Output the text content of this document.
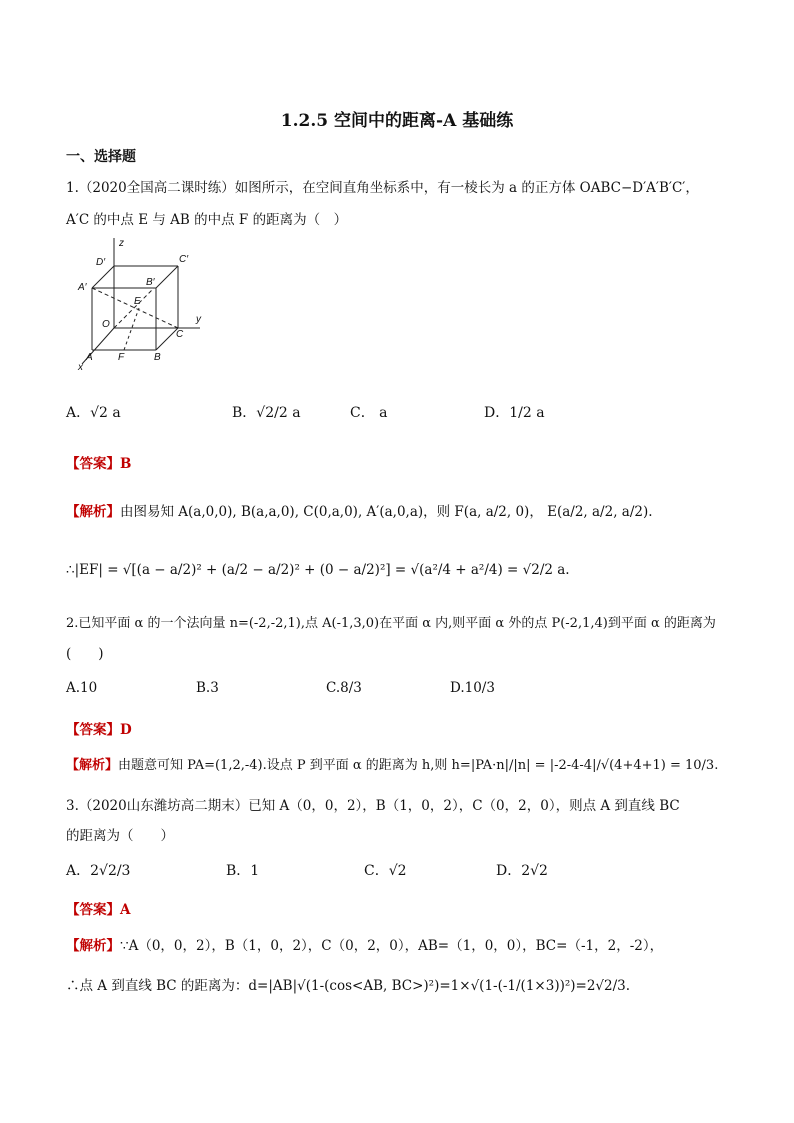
1.2.5 空间中的距离-A 基础练
一、选择题
1.（2020全国高二课时练）如图所示，在空间直角坐标系中，有一棱长为 a 的正方体 OABC−D′A′B′C′，
A′C 的中点 E 与 AB 的中点 F 的距离为（　）
z
D′	C′
A′	B′
E
O	y
C
A	F	B
x
A．√2 a	B．√2/2 a	C． a	D．1/2 a
【答案】B
【解析】由图易知 A(a,0,0), B(a,a,0), C(0,a,0), A′(a,0,a)，则 F(a, a/2, 0)， E(a/2, a/2, a/2).
∴|EF| = √[(a − a/2)² + (a/2 − a/2)² + (0 − a/2)²] = √(a²/4 + a²/4) = √2/2 a.
2.已知平面 α 的一个法向量 n=(-2,-2,1),点 A(-1,3,0)在平面 α 内,则平面 α 外的点 P(-2,1,4)到平面 α 的距离为
(　　)
A.10	B.3	C.8/3	D.10/3
【答案】D
【解析】由题意可知 PA=(1,2,-4).设点 P 到平面 α 的距离为 h,则 h=|PA·n|/|n| = |-2-4-4|/√(4+4+1) = 10/3.
3.（2020山东潍坊高二期末）已知 A（0，0，2），B（1，0，2），C（0，2，0），则点 A 到直线 BC
的距离为（　　）
A．2√2/3	B．1	C．√2	D．2√2
【答案】A
【解析】∵A（0，0，2），B（1，0，2），C（0，2，0），AB=（1，0，0），BC=（-1，2，-2），
∴点 A 到直线 BC 的距离为：d=|AB|√(1-(cos<AB, BC>)²)=1×√(1-(-1/(1×3))²)=2√2/3.
